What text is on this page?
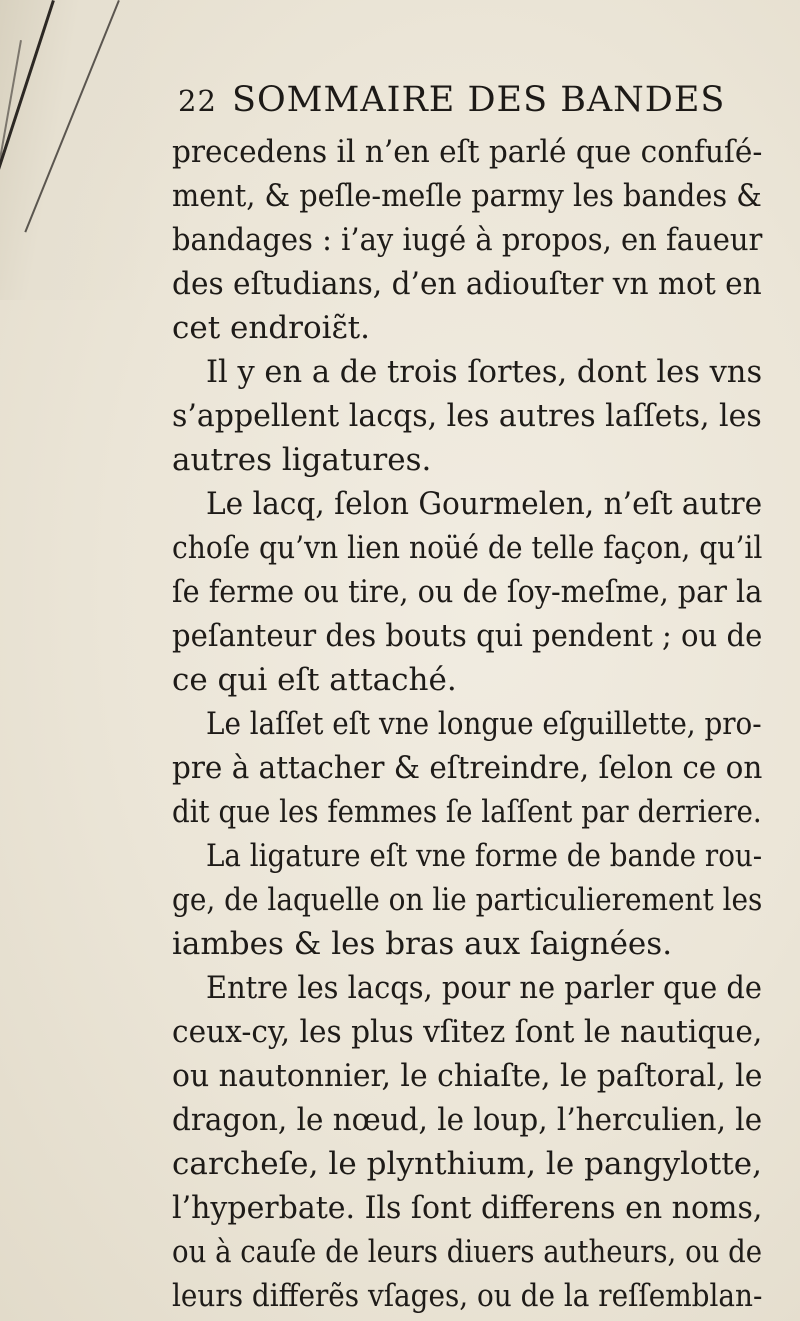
22 SOMMAIRE DES BANDES
precedens il n’en eſt parlé que confuſé-
ment, & peſle-meſle parmy les bandes &
bandages : i’ay iugé à propos, en faueur
des eſtudians, d’en adiouſter vn mot en
cet endroiɛ̃t.
Il y en a de trois ſortes, dont les vns
s’appellent lacqs, les autres laſſets, les
autres ligatures.
Le lacq, ſelon Gourmelen, n’eſt autre
choſe qu’vn lien noüé de telle façon, qu’il
ſe ferme ou tire, ou de ſoy-meſme, par la
peſanteur des bouts qui pendent ; ou de
ce qui eſt attaché.
Le laſſet eſt vne longue eſguillette, pro-
pre à attacher & eſtreindre, ſelon ce on
dit que les femmes ſe laſſent par derriere.
La ligature eſt vne forme de bande rou-
ge, de laquelle on lie particulierement les
iambes & les bras aux ſaignées.
Entre les lacqs, pour ne parler que de
ceux-cy, les plus vſitez ſont le nautique,
ou nautonnier, le chiaſte, le paſtoral, le
dragon, le nœud, le loup, l’herculien, le
carcheſe, le plynthium, le pangylotte,
l’hyperbate. Ils ſont differens en noms,
ou à cauſe de leurs diuers autheurs, ou de
leurs differẽs vſages, ou de la reſſemblan-
